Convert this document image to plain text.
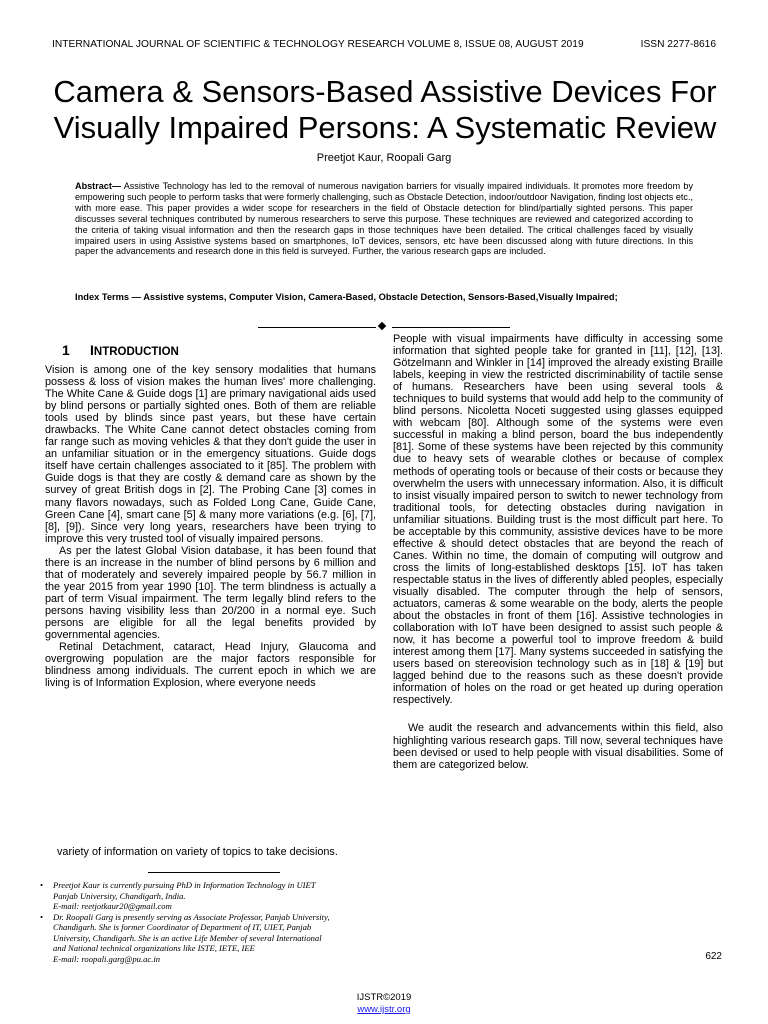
INTERNATIONAL JOURNAL OF SCIENTIFIC & TECHNOLOGY RESEARCH VOLUME 8, ISSUE 08, AUGUST 2019	ISSN 2277-8616
Camera & Sensors-Based Assistive Devices For
Visually Impaired Persons: A Systematic Review
Preetjot Kaur, Roopali Garg
Abstract— Assistive Technology has led to the removal of numerous navigation barriers for visually impaired individuals. It promotes more freedom by empowering such people to perform tasks that were formerly challenging, such as Obstacle Detection, indoor/outdoor Navigation, finding lost objects etc., with more ease. This paper provides a wider scope for researchers in the field of Obstacle detection for blind/partially sighted persons. This paper discusses several techniques contributed by numerous researchers to serve this purpose. These techniques are reviewed and categorized according to the criteria of taking visual information and then the research gaps in those techniques have been detailed. The critical challenges faced by visually impaired users in using Assistive systems based on smartphones, IoT devices, sensors, etc have been discussed along with future directions. In this paper the advancements and research done in this field is surveyed. Further, the various research gaps are included.
Index Terms — Assistive systems, Computer Vision, Camera-Based, Obstacle Detection, Sensors-Based,Visually Impaired;
1 INTRODUCTION

Vision is among one of the key sensory modalities that humans possess & loss of vision makes the human lives' more challenging. The White Cane & Guide dogs [1] are primary navigational aids used by blind persons or partially sighted ones. Both of them are reliable tools used by blinds since past years, but these have certain drawbacks. The White Cane cannot detect obstacles coming from far range such as moving vehicles & that they don't guide the user in an unfamiliar situation or in the emergency situations. Guide dogs itself have certain challenges associated to it [85]. The problem with Guide dogs is that they are costly & demand care as shown by the survey of great British dogs in [2]. The Probing Cane [3] comes in many flavors nowadays, such as Folded Long Cane, Guide Cane, Green Cane [4], smart cane [5] & many more variations (e.g. [6], [7], [8], [9]). Since very long years, researchers have been trying to improve this very trusted tool of visually impaired persons.

As per the latest Global Vision database, it has been found that there is an increase in the number of blind persons by 6 million and that of moderately and severely impaired people by 56.7 million in the year 2015 from year 1990 [10]. The term blindness is actually a part of term Visual impairment. The term legally blind refers to the persons having visibility less than 20/200 in a normal eye. Such persons are eligible for all the legal benefits provided by governmental agencies.

Retinal Detachment, cataract, Head Injury, Glaucoma and overgrowing population are the major factors responsible for blindness among individuals. The current epoch in which we are living is of Information Explosion, where everyone needs

variety of information on variety of topics to take decisions.

People with visual impairments have difficulty in accessing some information that sighted people take for granted in [11], [12], [13]. Götzelmann and Winkler in [14] improved the already existing Braille labels, keeping in view the restricted discriminability of tactile sense of humans. Researchers have been using several tools & techniques to build systems that would add help to the community of blind persons. Nicoletta Noceti suggested using glasses equipped with webcam [80]. Although some of the systems were even successful in making a blind person, board the bus independently [81]. Some of these systems have been rejected by this community due to heavy sets of wearable clothes or because of complex methods of operating tools or because of their costs or because they overwhelm the users with unnecessary information. Also, it is difficult to insist visually impaired person to switch to newer technology from traditional tools, for detecting obstacles during navigation in unfamiliar situations. Building trust is the most difficult part here. To be acceptable by this community, assistive devices have to be more effective & should detect obstacles that are beyond the reach of Canes. Within no time, the domain of computing will outgrow and cross the limits of long-established desktops [15]. IoT has taken respectable status in the lives of differently abled peoples, especially visually disabled. The computer through the help of sensors, actuators, cameras & some wearable on the body, alerts the people about the obstacles in front of them [16]. Assistive technologies in collaboration with IoT have been designed to assist such people & now, it has become a powerful tool to improve freedom & build interest among them [17]. Many systems succeeded in satisfying the users based on stereovision technology such as in [18] & [19] but lagged behind due to the reasons such as these doesn't provide information of holes on the road or get heated up during operation respectively.

We audit the research and advancements within this field, also highlighting various research gaps. Till now, several techniques have been devised or used to help people with visual disabilities. Some of them are categorized below.

• Preetjot Kaur is currently pursuing PhD in Information Technology in UIET
Panjab University, Chandigarh, India.
E-mail: reetjotkaur20@gmail.com
• Dr. Roopali Garg is presently serving as Associate Professor, Panjab University,
Chandigarh. She is former Coordinator of Department of IT, UIET, Panjab
University, Chandigarh. She is an active Life Member of several International
and National technical organizations like ISTE, IETE, IEE
E-mail: roopali.garg@pu.ac.in	622
IJSTR©2019
www.ijstr.org
